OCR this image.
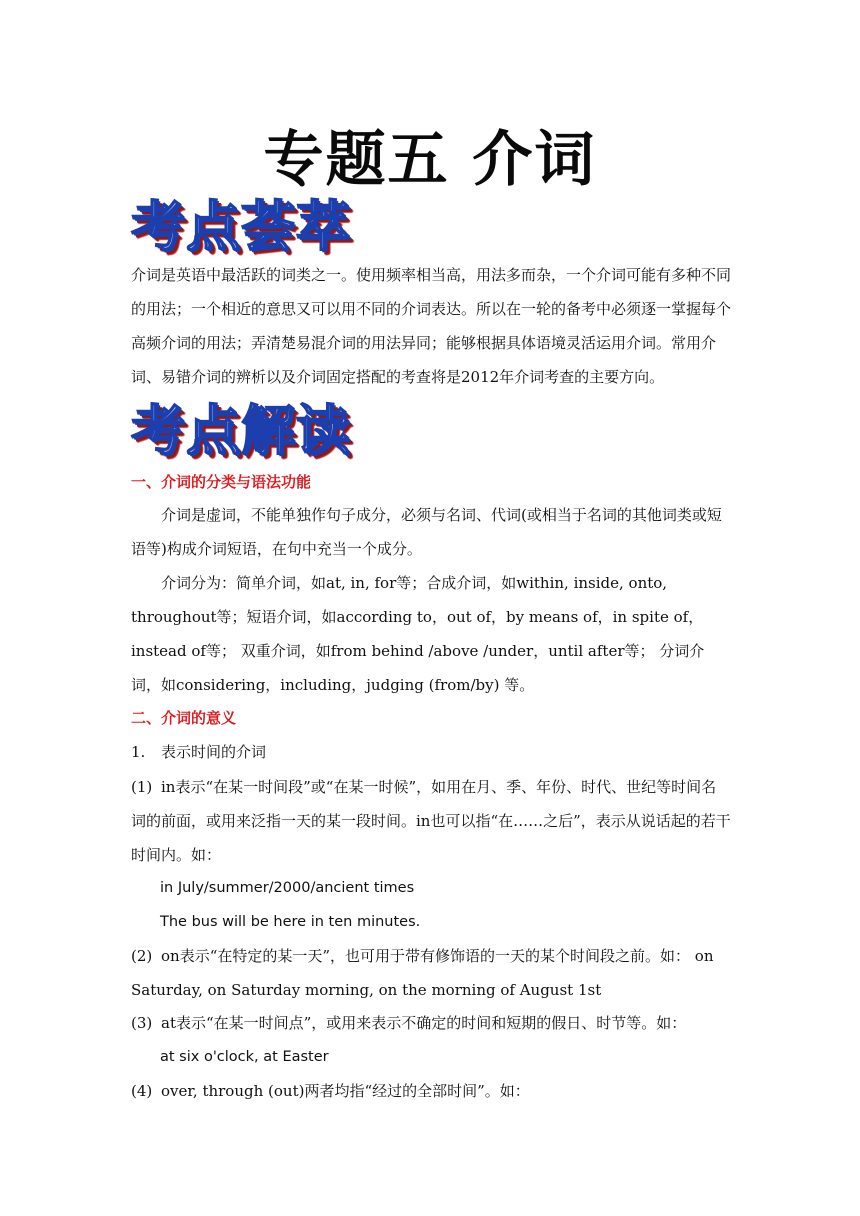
专题五 介词
考点荟萃

介词是英语中最活跃的词类之一。使用频率相当高，用法多而杂，一个介词可能有多种不同的用法；一个相近的意思又可以用不同的介词表达。所以在一轮的备考中必须逐一掌握每个高频介词的用法；弄清楚易混介词的用法异同；能够根据具体语境灵活运用介词。常用介词、易错介词的辨析以及介词固定搭配的考查将是2012年介词考查的主要方向。

考点解读
一、介词的分类与语法功能

介词是虚词，不能单独作句子成分，必须与名词、代词(或相当于名词的其他词类或短语等)构成介词短语，在句中充当一个成分。

介词分为：简单介词，如at, in, for等；合成介词，如within, inside, onto, throughout等；短语介词，如according to，out of，by means of，in spite of，instead of等； 双重介词，如from behind /above /under，until after等； 分词介词，如considering，including，judging (from/by) 等。

二、介词的意义
1. 表示时间的介词

(1) in表示“在某一时间段”或“在某一时候”，如用在月、季、年份、时代、世纪等时间名词的前面，或用来泛指一天的某一段时间。in也可以指“在……之后”，表示从说话起的若干时间内。如：

in July/summer/2000/ancient times
The bus will be here in ten minutes.

(2) on表示“在特定的某一天”，也可用于带有修饰语的一天的某个时间段之前。如： on Saturday, on Saturday morning, on the morning of August 1st

(3) at表示“在某一时间点”，或用来表示不确定的时间和短期的假日、时节等。如：
at six o'clock, at Easter
(4) over, through (out)两者均指“经过的全部时间”。如：
